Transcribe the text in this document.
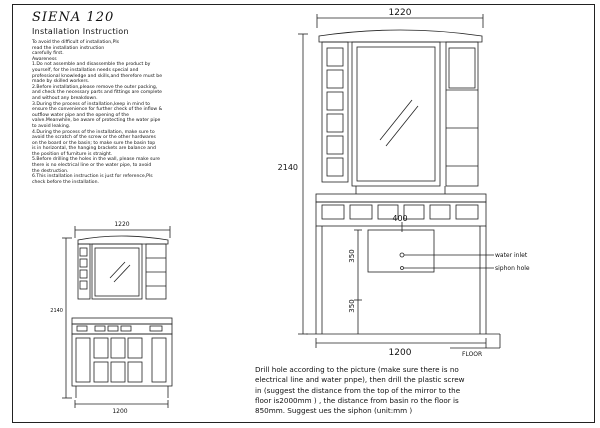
SIENA 120
Installation Instruction
To avoid the difficult of installation,Pls
read the installation instruction
carefully first.
Awareness
1.Do not assemble and disassemble the product by
yourself, for the installation needs special and
professional knowledge and skills,and therefore must be
made by skilled workers.
2.Before installation,please remove the outer packing,
and check the necessary parts and fittings are complete
and without any breakdown.
3.During the process of installation,keep in mind to
ensure the convenience for further check of the inflow &
outflow water pipe and the opening of the
valve.Meanwhile, be aware of protecting the water pipe
to avoid leaking.
4.During the process of the installation, make sure to
avoid the scratch of the screw or the other hardwares
on the board or the basin; to make sure the basin top
is in horizontal, the hanging brackets are balance and
the position of furniture is straight.
5.Before drilling the holes in the wall, please make sure
there is no electrical line or the water pipe, to avoid
the destruction.
6.This installation instruction is just for reference,Pls
check before the installation.
Drill hole according to the picture (make sure there is no
electrical line and water pnpe), then drill the plastic screw
in (suggest the distance from the top of the mirror to the
floor is2000mm ) , the distance from basin ro the floor is
850mm. Suggest ues the siphon (unit:mm )
1220
2140
1200
1220
2140
400
350
350
water inlet
siphon hole
FLOOR
1200
